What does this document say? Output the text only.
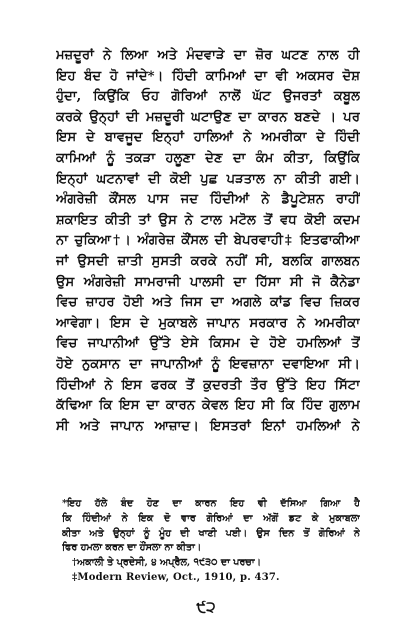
ਮਜ਼ਦੂਰਾਂ ਨੇ ਲਿਆ ਅਤੇ ਮੰਦਵਾੜੇ ਦਾ ਜ਼ੋਰ ਘਟਣ ਨਾਲ ਹੀ
ਇਹ ਬੰਦ ਹੋ ਜਾਂਦੇ*। ਹਿੰਦੀ ਕਾਮਿਆਂ ਦਾ ਵੀ ਅਕਸਰ ਦੋਸ਼
ਹੁੰਦਾ, ਕਿਉਂਕਿ ਓਹ ਗੋਰਿਆਂ ਨਾਲੋਂ ਘੱਟ ਉਜਰਤਾਂ ਕਬੂਲ
ਕਰਕੇ ਉਨ੍ਹਾਂ ਦੀ ਮਜ਼ਦੂਰੀ ਘਟਾਉਣ ਦਾ ਕਾਰਨ ਬਣਦੇ । ਪਰ
ਇਸ ਦੇ ਬਾਵਜੂਦ ਇਨ੍ਹਾਂ ਹਾਲਿਆਂ ਨੇ ਅਮਰੀਕਾ ਦੇ ਹਿੰਦੀ
ਕਾਮਿਆਂ ਨੂੰ ਤਕੜਾ ਹਲੂਣਾ ਦੇਣ ਦਾ ਕੰਮ ਕੀਤਾ, ਕਿਉਂਕਿ
ਇਨ੍ਹਾਂ ਘਟਨਾਵਾਂ ਦੀ ਕੋਈ ਪੁਛ ਪੜਤਾਲ ਨਾ ਕੀਤੀ ਗਈ।
ਅੰਗਰੇਜ਼ੀ ਕੌਂਸਲ ਪਾਸ ਜਦ ਹਿੰਦੀਆਂ ਨੇ ਡੈਪੂਟੇਸ਼ਨ ਰਾਹੀਂ
ਸ਼ਕਾਇਤ ਕੀਤੀ ਤਾਂ ਉਸ ਨੇ ਟਾਲ ਮਟੋਲ ਤੋਂ ਵਧ ਕੋਈ ਕਦਮ
ਨਾ ਚੁਕਿਆ†। ਅੰਗਰੇਜ਼ ਕੌਂਸਲ ਦੀ ਬੇਪਰਵਾਹੀ‡ ਇਤਫਾਕੀਆ
ਜਾਂ ਉਸਦੀ ਜ਼ਾਤੀ ਸੁਸਤੀ ਕਰਕੇ ਨਹੀਂ ਸੀ, ਬਲਕਿ ਗਾਲਬਨ
ਉਸ ਅੰਗਰੇਜ਼ੀ ਸਾਮਰਾਜੀ ਪਾਲਸੀ ਦਾ ਹਿੱਸਾ ਸੀ ਜੋ ਕੈਨੇਡਾ
ਵਿਚ ਜ਼ਾਹਰ ਹੋਈ ਅਤੇ ਜਿਸ ਦਾ ਅਗਲੇ ਕਾਂਡ ਵਿਚ ਜ਼ਿਕਰ
ਆਵੇਗਾ। ਇਸ ਦੇ ਮੁਕਾਬਲੇ ਜਾਪਾਨ ਸਰਕਾਰ ਨੇ ਅਮਰੀਕਾ
ਵਿਚ ਜਾਪਾਨੀਆਂ ਉੱਤੇ ਏਸੇ ਕਿਸਮ ਦੇ ਹੋਏ ਹਮਲਿਆਂ ਤੋਂ
ਹੋਏ ਨੁਕਸਾਨ ਦਾ ਜਾਪਾਨੀਆਂ ਨੂੰ ਇਵਜ਼ਾਨਾ ਦਵਾਇਆ ਸੀ।
ਹਿੰਦੀਆਂ ਨੇ ਇਸ ਫਰਕ ਤੋਂ ਕੁਦਰਤੀ ਤੌਰ ਉੱਤੇ ਇਹ ਸਿੱਟਾ
ਕੱਢਿਆ ਕਿ ਇਸ ਦਾ ਕਾਰਨ ਕੇਵਲ ਇਹ ਸੀ ਕਿ ਹਿੰਦ ਗੁਲਾਮ
ਸੀ ਅਤੇ ਜਾਪਾਨ ਆਜ਼ਾਦ। ਇਸਤਰਾਂ ਇਨਾਂ ਹਮਲਿਆਂ ਨੇ
*ਇਹ ਹੱਲੇ ਬੰਦ ਹੋਣ ਦਾ ਕਾਰਨ ਇਹ ਵੀ ਦੱਸਿਆ ਗਿਆ ਹੈ
ਕਿ ਹਿੰਦੀਆਂ ਨੇ ਇਕ ਦੋ ਵਾਰ ਗੋਰਿਆਂ ਦਾ ਅੱਗੋਂ ਡਟ ਕੇ ਮੁਕਾਬਲਾ
ਕੀਤਾ ਅਤੇ ਉਨ੍ਹਾਂ ਨੂੰ ਮੂੰਹ ਦੀ ਖਾਣੀ ਪਈ। ਉਸ ਦਿਨ ਤੋਂ ਗੋਰਿਆਂ ਨੇ
ਫਿਰ ਹਮਲਾ ਕਰਨ ਦਾ ਹੌਂਸਲਾ ਨਾ ਕੀਤਾ।
†ਅਕਾਲੀ ਤੇ ਪ੍ਰਦੇਸੀ, ੪ ਅਪ੍ਰੈਲ, ੧੯੩੦ ਦਾ ਪਰਚਾ।
‡Modern Review, Oct., 1910, p. 437.
੯੨
